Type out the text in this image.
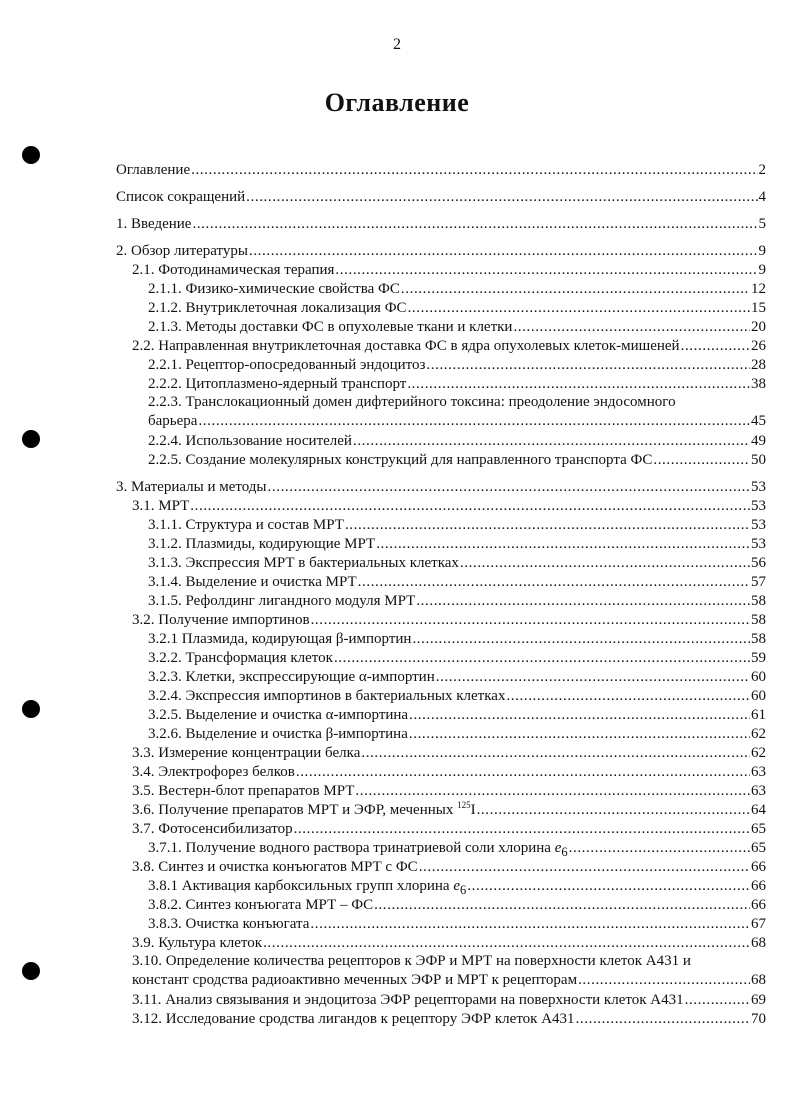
2
Оглавление
Оглавление .....	2
Список сокращений .....	4
1. Введение .....	5
2. Обзор литературы .....	9
2.1. Фотодинамическая терапия .....	9
2.1.1. Физико-химические свойства ФС .....	12
2.1.2. Внутриклеточная локализация ФС .....	15
2.1.3. Методы доставки ФС в опухолевые ткани и клетки .....	20
2.2. Направленная внутриклеточная доставка ФС в ядра опухолевых клеток-мишеней .....	26
2.2.1. Рецептор-опосредованный эндоцитоз .....	28
2.2.2. Цитоплазмено-ядерный транспорт .....	38
2.2.3. Транслокационный домен дифтерийного токсина: преодоление эндосомного
барьера .....	45
2.2.4. Использование носителей .....	49
2.2.5. Создание молекулярных конструкций для направленного транспорта ФС .....	50
3. Материалы и методы .....	53
3.1. МРТ .....	53
3.1.1. Структура и состав МРТ .....	53
3.1.2. Плазмиды, кодирующие МРТ .....	53
3.1.3. Экспрессия МРТ в бактериальных клетках .....	56
3.1.4. Выделение и очистка МРТ .....	57
3.1.5. Рефолдинг лигандного модуля МРТ .....	58
3.2. Получение импортинов .....	58
3.2.1 Плазмида, кодирующая β-импортин .....	58
3.2.2. Трансформация клеток .....	59
3.2.3. Клетки, экспрессирующие α-импортин .....	60
3.2.4. Экспрессия импортинов в бактериальных клетках .....	60
3.2.5. Выделение и очистка α-импортина .....	61
3.2.6. Выделение и очистка β-импортина .....	62
3.3. Измерение концентрации белка .....	62
3.4. Электрофорез белков .....	63
3.5. Вестерн-блот препаратов МРТ .....	63
3.6. Получение препаратов МРТ и ЭФР, меченных $^{125}$I .....	64
3.7. Фотосенсибилизатор .....	65
3.7.1. Получение водного раствора тринатриевой соли хлорина $e_6$ .....	65
3.8. Синтез и очистка конъюгатов МРТ с ФС .....	66
3.8.1 Активация карбоксильных групп хлорина $e_6$ .....	66
3.8.2. Синтез конъюгата МРТ – ФС .....	66
3.8.3. Очистка конъюгата .....	67
3.9. Культура клеток .....	68
3.10. Определение количества рецепторов к ЭФР и МРТ на поверхности клеток А431 и
констант сродства радиоактивно меченных ЭФР и МРТ к рецепторам .....	68
3.11. Анализ связывания и эндоцитоза ЭФР рецепторами на поверхности клеток А431 .....	69
3.12. Исследование сродства лигандов к рецептору ЭФР клеток А431 .....	70
